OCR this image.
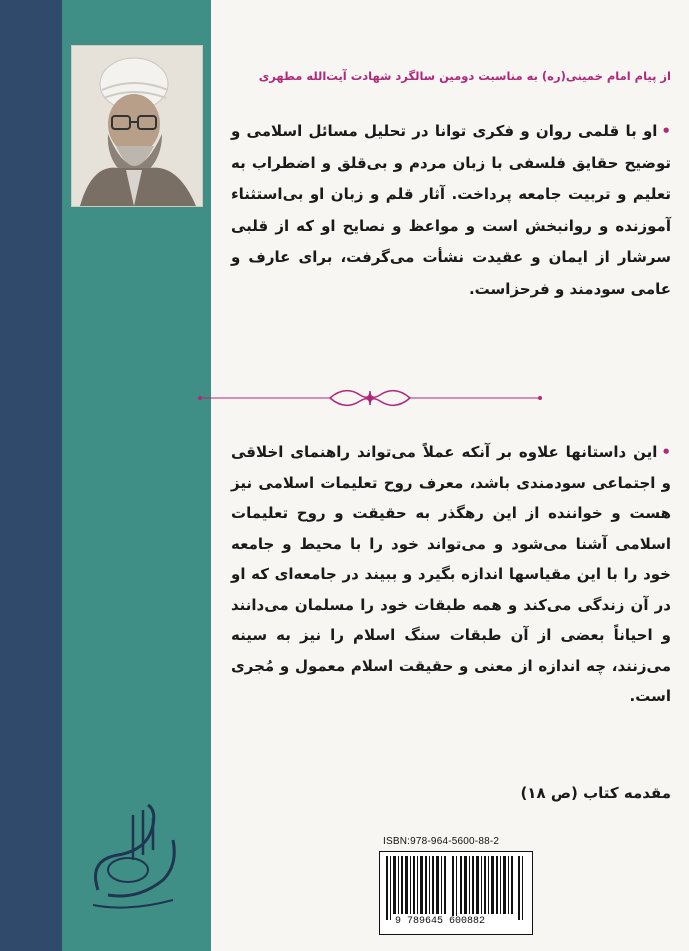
از پیام امام خمینی(ره) به مناسبت دومین سالگرد شهادت آیت‌الله مطهری
•او با قلمی روان و فکری توانا در تحلیل مسائل اسلامی و توضیح حقایق فلسفی با زبان مردم و بی‌قلق و اضطراب به تعلیم و تربیت جامعه پرداخت. آثار قلم و زبان او بی‌استثناء آموزنده و روانبخش است و مواعظ و نصایح او که از قلبی سرشار از ایمان و عقیدت نشأت می‌گرفت، برای عارف و عامی سودمند و فرحزاست.
•این داستانها علاوه بر آنکه عملاً می‌تواند راهنمای اخلاقی و اجتماعی سودمندی باشد، معرف روح تعلیمات اسلامی نیز هست و خواننده از این رهگذر به حقیقت و روح تعلیمات اسلامی آشنا می‌شود و می‌تواند خود را با محیط و جامعه خود را با این مقیاسها اندازه بگیرد و ببیند در جامعه‌ای که او در آن زندگی می‌کند و همه طبقات خود را مسلمان می‌دانند و احیاناً بعضی از آن طبقات سنگ اسلام را نیز به سینه می‌زنند، چه اندازه از معنی و حقیقت اسلام معمول و مُجری است.
مقدمه کتاب (ص ۱۸)
ISBN:978-964-5600-88-2
9 789645 600882
